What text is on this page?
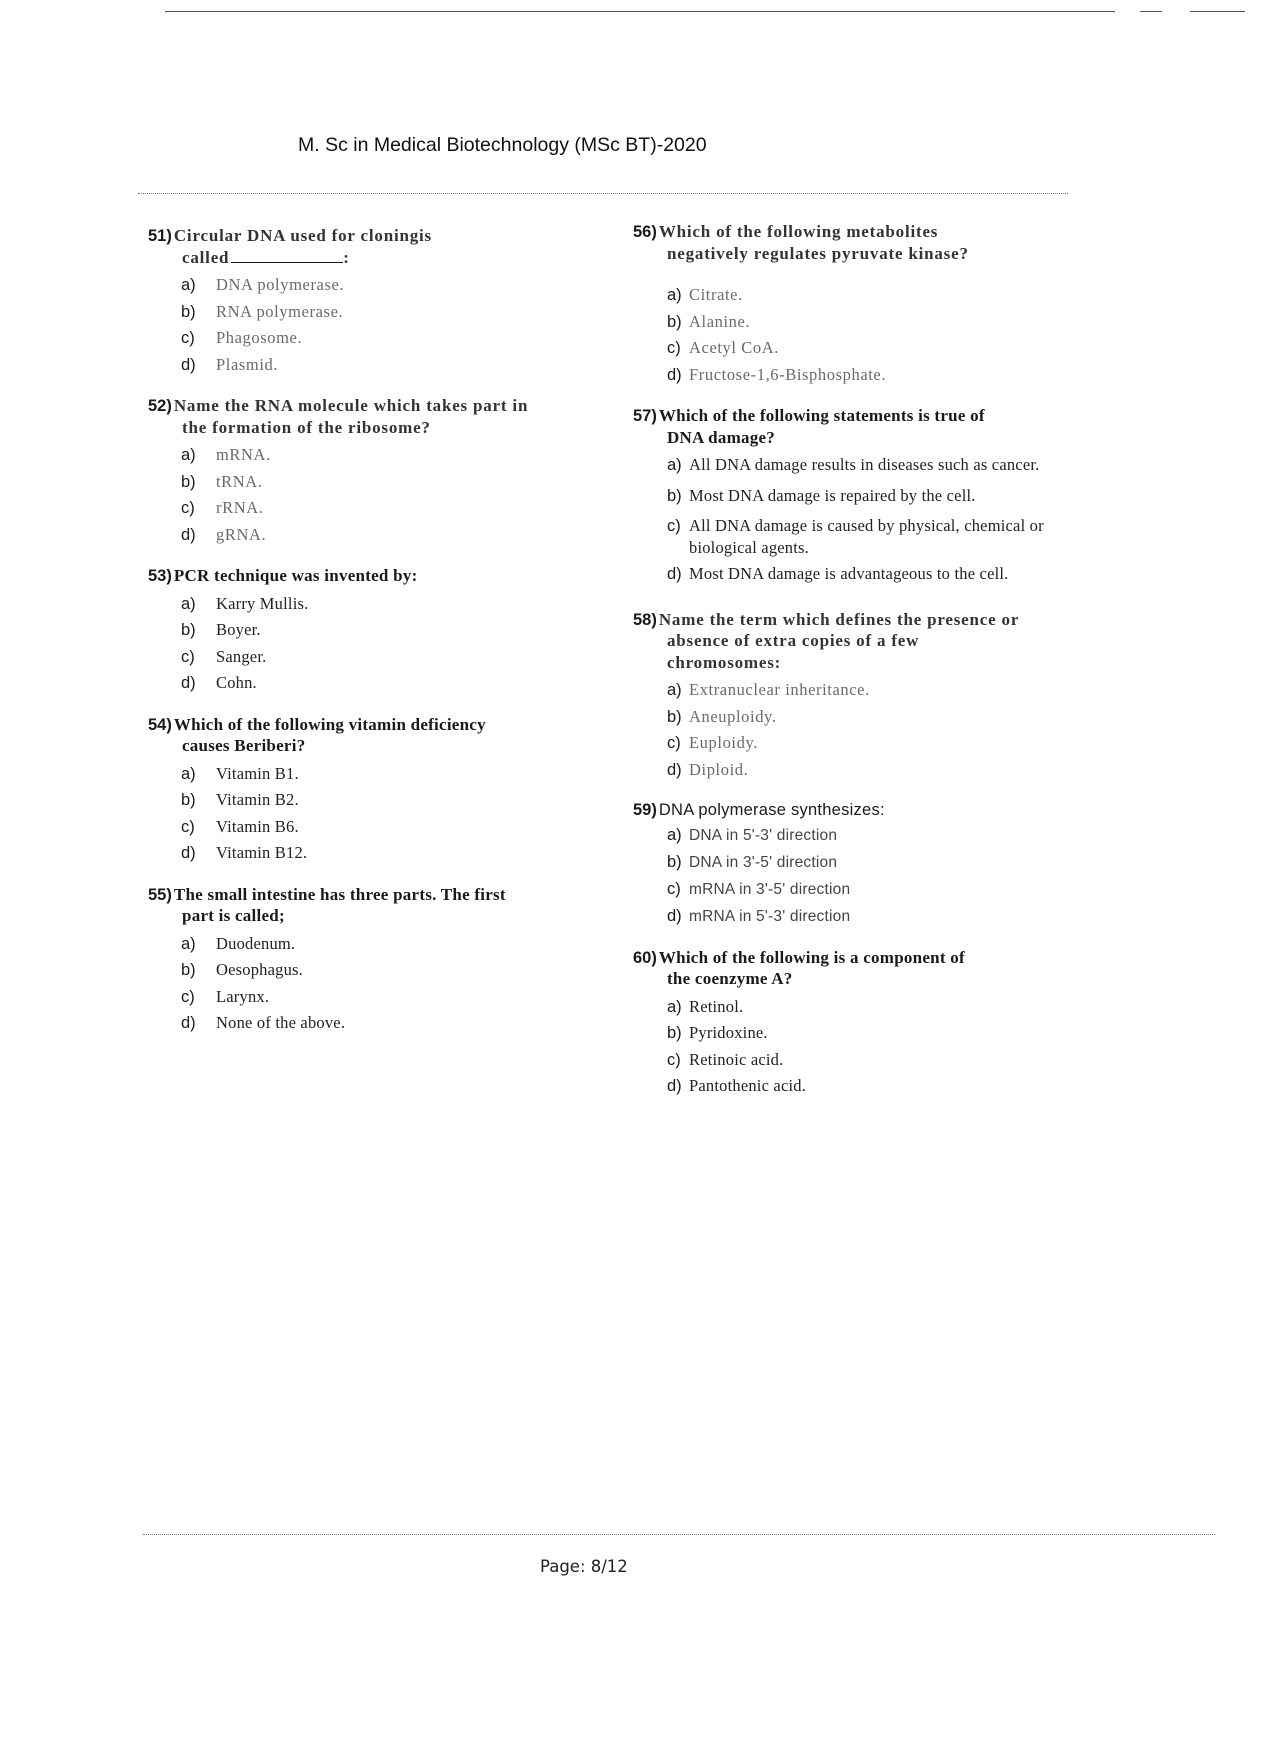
M. Sc in Medical Biotechnology (MSc BT)-2020
51) Circular DNA used for cloningis
called	:
a)	DNA polymerase.
b)	RNA polymerase.
c)	Phagosome.
d)	Plasmid.
52) Name the RNA molecule which takes part in
the formation of the ribosome?
a)	mRNA.
b)	tRNA.
c)	rRNA.
d)	gRNA.
53) PCR technique was invented by:
a)	Karry Mullis.
b)	Boyer.
c)	Sanger.
d)	Cohn.
54) Which of the following vitamin deficiency
causes Beriberi?
a)	Vitamin B1.
b)	Vitamin B2.
c)	Vitamin B6.
d)	Vitamin B12.
55) The small intestine has three parts. The first
part is called;
a)	Duodenum.
b)	Oesophagus.
c)	Larynx.
d)	None of the above.
56) Which of the following metabolites
negatively regulates pyruvate kinase?
a) Citrate.
b) Alanine.
c) Acetyl CoA.
d) Fructose-1,6-Bisphosphate.
57) Which of the following statements is true of
DNA damage?
a) All DNA damage results in diseases such as cancer.
b) Most DNA damage is repaired by the cell.
c) All DNA damage is caused by physical, chemical or biological agents.
d) Most DNA damage is advantageous to the cell.
58) Name the term which defines the presence or
absence of extra copies of a few
chromosomes:
a) Extranuclear inheritance.
b) Aneuploidy.
c) Euploidy.
d) Diploid.
59) DNA polymerase synthesizes:
a) DNA in 5'-3' direction
b) DNA in 3'-5' direction
c) mRNA in 3'-5' direction
d) mRNA in 5'-3' direction
60) Which of the following is a component of
the coenzyme A?
a) Retinol.
b) Pyridoxine.
c) Retinoic acid.
d) Pantothenic acid.
Page: 8/12
